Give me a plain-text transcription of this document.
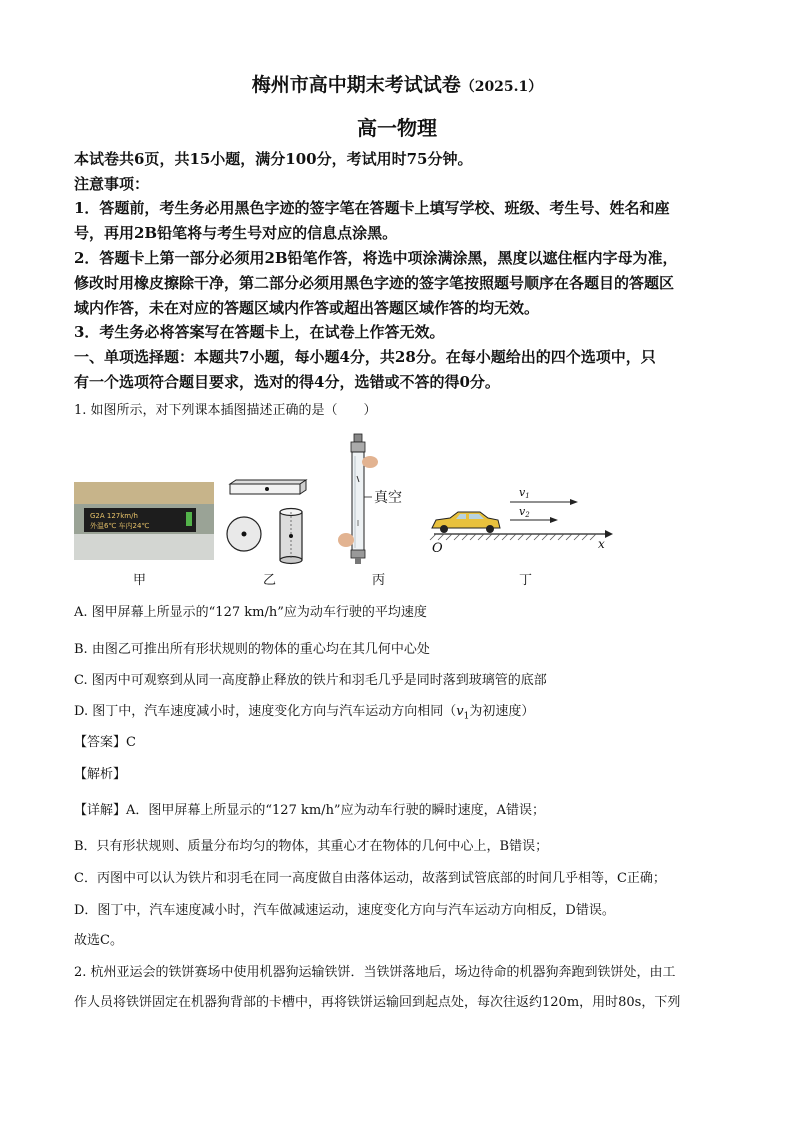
梅州市高中期末考试试卷（2025.1）
高一物理
本试卷共6页，共15小题，满分100分，考试用时75分钟。
注意事项：
1．答题前，考生务必用黑色字迹的签字笔在答题卡上填写学校、班级、考生号、姓名和座
号，再用2B铅笔将与考生号对应的信息点涂黑。
2．答题卡上第一部分必须用2B铅笔作答，将选中项涂满涂黑，黑度以遮住框内字母为准，
修改时用橡皮擦除干净，第二部分必须用黑色字迹的签字笔按照题号顺序在各题目的答题区
域内作答，未在对应的答题区域内作答或超出答题区域作答的均无效。
3．考生务必将答案写在答题卡上，在试卷上作答无效。
一、单项选择题：本题共7小题，每小题4分，共28分。在每小题给出的四个选项中，只
有一个选项符合题目要求，选对的得4分，选错或不答的得0分。
1. 如图所示，对下列课本插图描述正确的是（　　）
G2A 127km/h
外温6℃ 车内24℃
真空	v1
v2
O	x
甲	乙	丙	丁
A. 图甲屏幕上所显示的“127 km/h”应为动车行驶的平均速度
B. 由图乙可推出所有形状规则的物体的重心均在其几何中心处
C. 图丙中可观察到从同一高度静止释放的铁片和羽毛几乎是同时落到玻璃管的底部
D. 图丁中，汽车速度减小时，速度变化方向与汽车运动方向相同（$v_1$为初速度）
【答案】C
【解析】
【详解】A．图甲屏幕上所显示的“127 km/h”应为动车行驶的瞬时速度，A错误；
B．只有形状规则、质量分布均匀的物体，其重心才在物体的几何中心上，B错误；
C．丙图中可以认为铁片和羽毛在同一高度做自由落体运动，故落到试管底部的时间几乎相等，C正确；
D．图丁中，汽车速度减小时，汽车做减速运动，速度变化方向与汽车运动方向相反，D错误。
故选C。
2. 杭州亚运会的铁饼赛场中使用机器狗运输铁饼．当铁饼落地后，场边待命的机器狗奔跑到铁饼处，由工
作人员将铁饼固定在机器狗背部的卡槽中，再将铁饼运输回到起点处，每次往返约120m，用时80s，下列
